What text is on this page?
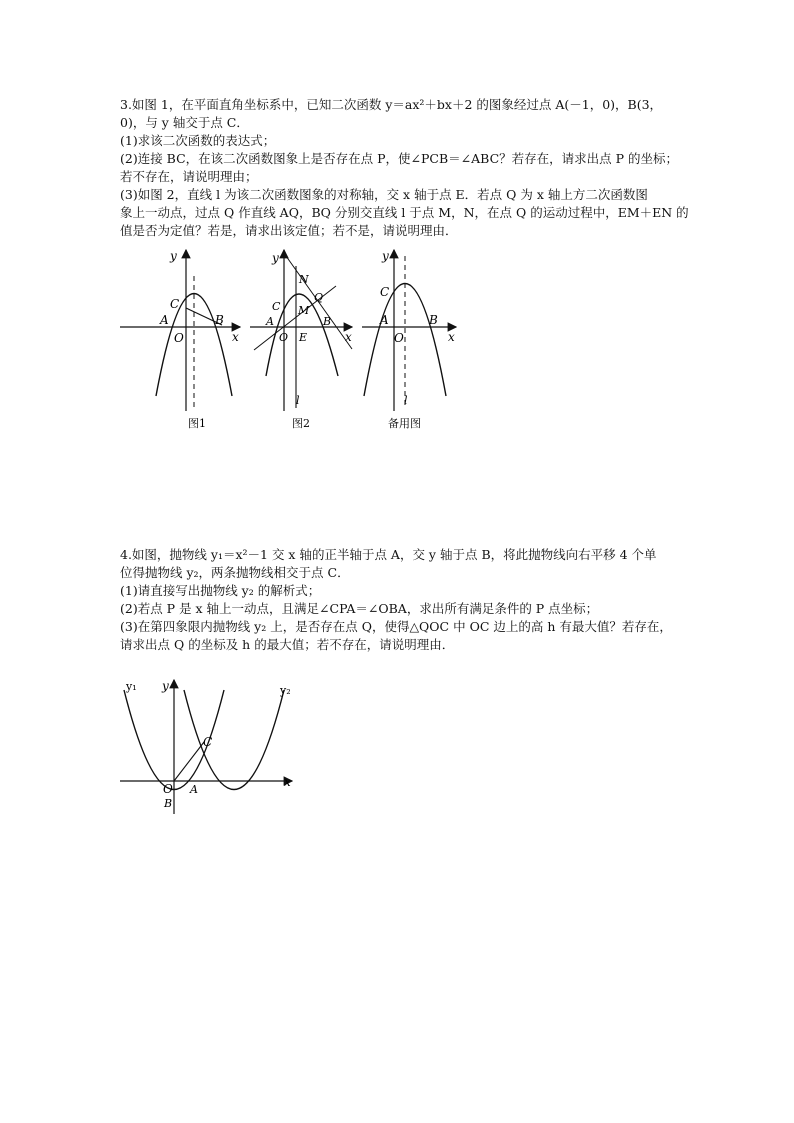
3.如图 1，在平面直角坐标系中，已知二次函数 y＝ax²＋bx＋2 的图象经过点 A(－1，0)，B(3，

0)，与 y 轴交于点 C．

(1)求该二次函数的表达式；

(2)连接 BC，在该二次函数图象上是否存在点 P，使∠PCB＝∠ABC？若存在，请求出点 P 的坐标；

若不存在，请说明理由；

(3)如图 2，直线 l 为该二次函数图象的对称轴，交 x 轴于点 E．若点 Q 为 x 轴上方二次函数图

象上一动点，过点 Q 作直线 AQ，BQ 分别交直线 l 于点 M，N，在点 Q 的运动过程中，EM＋EN 的

值是否为定值？若是，请求出该定值；若不是，请说明理由．

y
C
A	B
O	x
图1
y
N
Q
C M
A	B
O E	x
l
图2
y
C
A	B
O	x
l
备用图

4.如图，抛物线 y₁＝x²－1 交 x 轴的正半轴于点 A，交 y 轴于点 B，将此抛物线向右平移 4 个单

位得抛物线 y₂，两条抛物线相交于点 C．

(1)请直接写出抛物线 y₂ 的解析式；

(2)若点 P 是 x 轴上一动点，且满足∠CPA＝∠OBA，求出所有满足条件的 P 点坐标；

(3)在第四象限内抛物线 y₂ 上，是否存在点 Q，使得△QOC 中 OC 边上的高 h 有最大值？若存在，

请求出点 Q 的坐标及 h 的最大值；若不存在，请说明理由．

y₁ y	y₂
C
O A
B
x
